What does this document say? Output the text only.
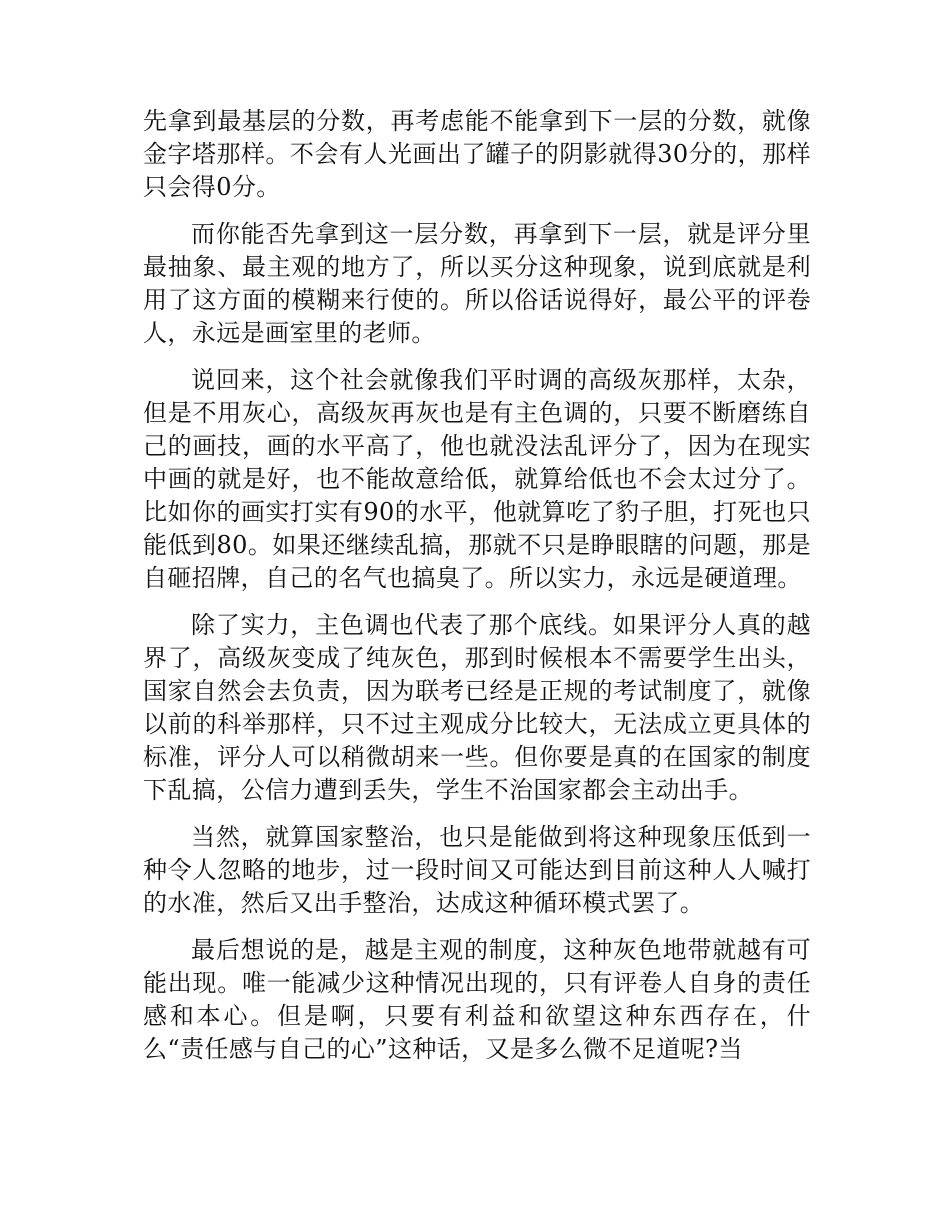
先拿到最基层的分数，再考虑能不能拿到下一层的分数，就像金字塔那样。不会有人光画出了罐子的阴影就得30分的，那样只会得0分。

而你能否先拿到这一层分数，再拿到下一层，就是评分里最抽象、最主观的地方了，所以买分这种现象，说到底就是利用了这方面的模糊来行使的。所以俗话说得好，最公平的评卷人，永远是画室里的老师。

说回来，这个社会就像我们平时调的高级灰那样，太杂，但是不用灰心，高级灰再灰也是有主色调的，只要不断磨练自己的画技，画的水平高了，他也就没法乱评分了，因为在现实中画的就是好，也不能故意给低，就算给低也不会太过分了。比如你的画实打实有90的水平，他就算吃了豹子胆，打死也只能低到80。如果还继续乱搞，那就不只是睁眼瞎的问题，那是自砸招牌，自己的名气也搞臭了。所以实力，永远是硬道理。

除了实力，主色调也代表了那个底线。如果评分人真的越界了，高级灰变成了纯灰色，那到时候根本不需要学生出头，国家自然会去负责，因为联考已经是正规的考试制度了，就像以前的科举那样，只不过主观成分比较大，无法成立更具体的标准，评分人可以稍微胡来一些。但你要是真的在国家的制度下乱搞，公信力遭到丢失，学生不治国家都会主动出手。

当然，就算国家整治，也只是能做到将这种现象压低到一种令人忽略的地步，过一段时间又可能达到目前这种人人喊打的水准，然后又出手整治，达成这种循环模式罢了。

最后想说的是，越是主观的制度，这种灰色地带就越有可能出现。唯一能减少这种情况出现的，只有评卷人自身的责任感和本心。但是啊，只要有利益和欲望这种东西存在，什么“责任感与自己的心”这种话，又是多么微不足道呢?当
